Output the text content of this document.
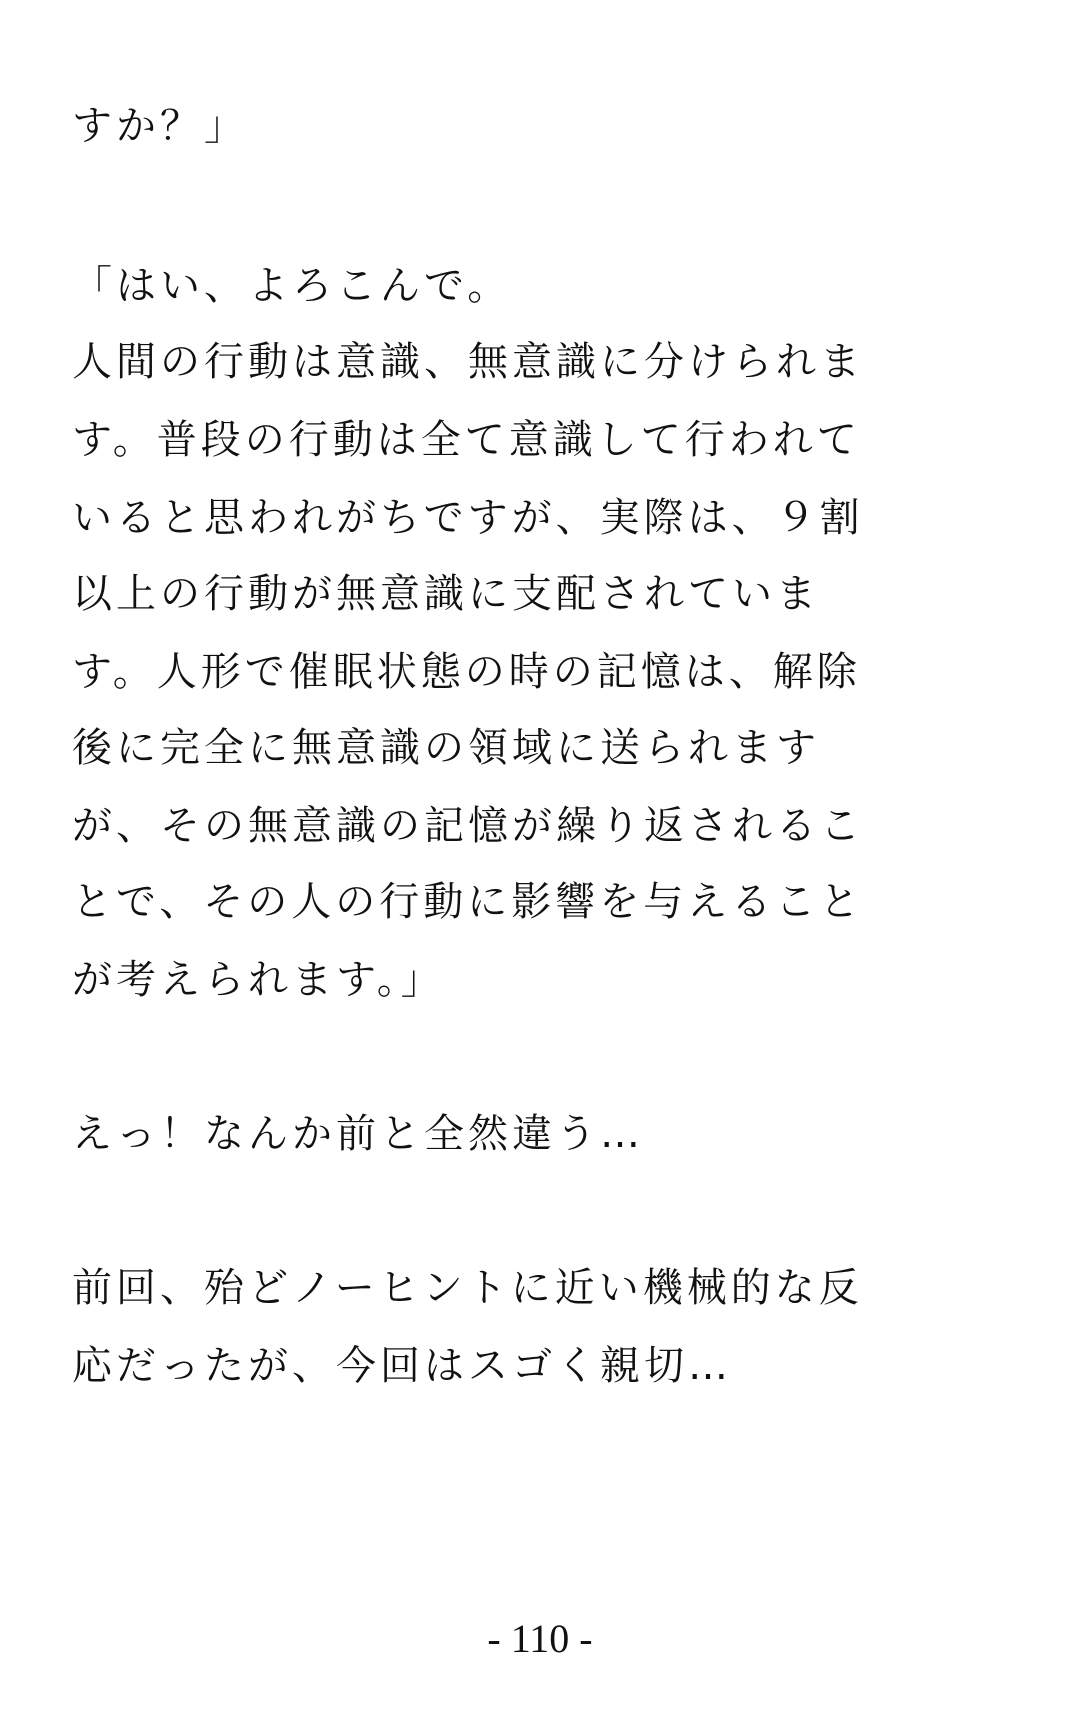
すか？」
「はい、よろこんで。
人間の行動は意識、無意識に分けられま
す。普段の行動は全て意識して行われて
いると思われがちですが、実際は、９割
以上の行動が無意識に支配されていま
す。人形で催眠状態の時の記憶は、解除
後に完全に無意識の領域に送られます
が、その無意識の記憶が繰り返されるこ
とで、その人の行動に影響を与えること
が考えられます。」
えっ！なんか前と全然違う…
前回、殆どノーヒントに近い機械的な反
応だったが、今回はスゴく親切…
- 110 -
